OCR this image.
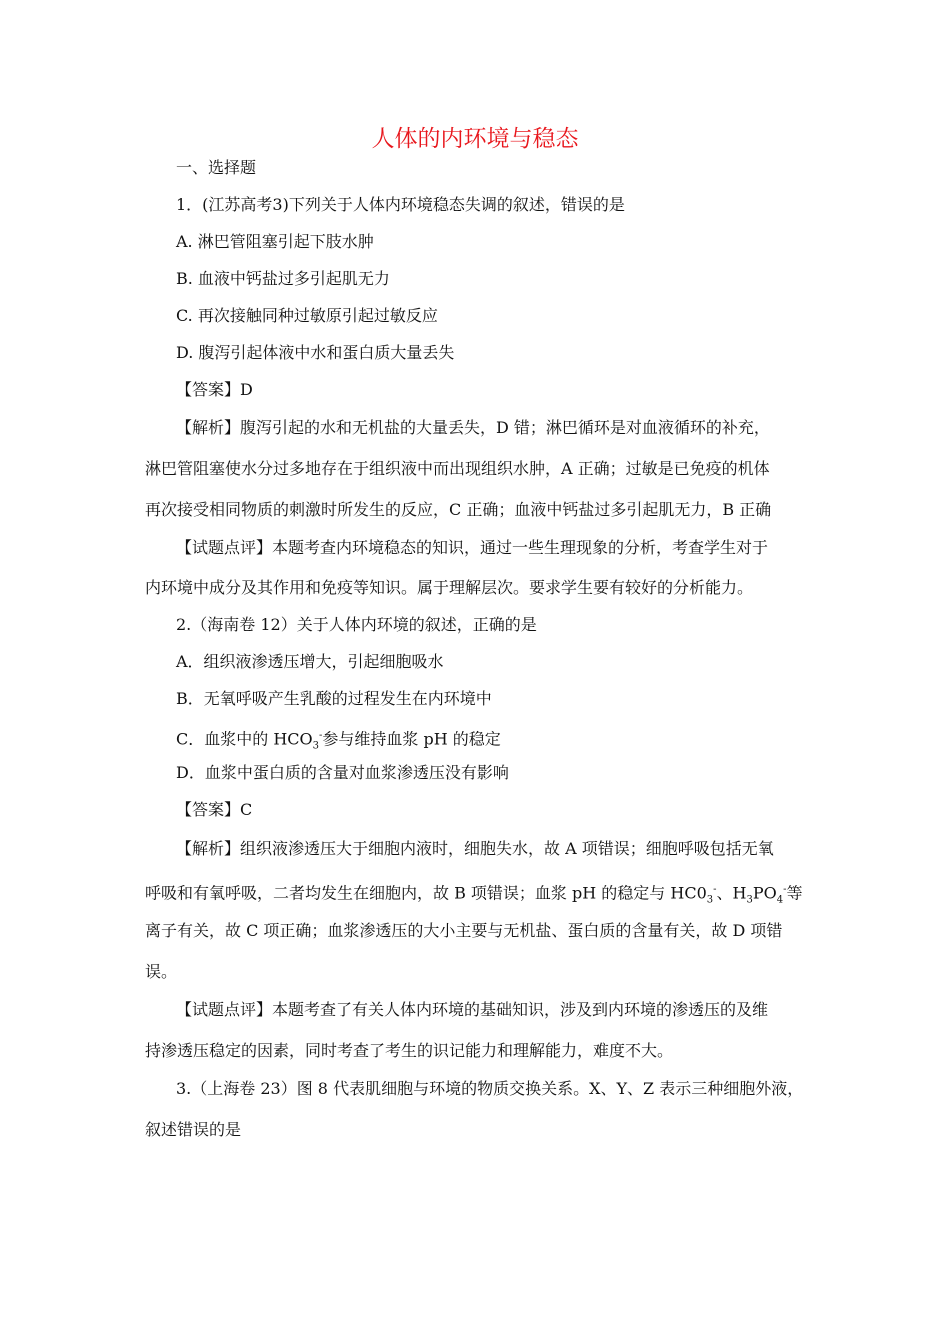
人体的内环境与稳态
一、选择题
1．(江苏高考3)下列关于人体内环境稳态失调的叙述，错误的是
A. 淋巴管阻塞引起下肢水肿
B. 血液中钙盐过多引起肌无力
C. 再次接触同种过敏原引起过敏反应
D. 腹泻引起体液中水和蛋白质大量丢失
【答案】D
【解析】腹泻引起的水和无机盐的大量丢失，D 错；淋巴循环是对血液循环的补充，
淋巴管阻塞使水分过多地存在于组织液中而出现组织水肿，A 正确；过敏是已免疫的机体
再次接受相同物质的刺激时所发生的反应，C 正确；血液中钙盐过多引起肌无力，B 正确
【试题点评】本题考查内环境稳态的知识，通过一些生理现象的分析，考查学生对于
内环境中成分及其作用和免疫等知识。属于理解层次。要求学生要有较好的分析能力。
2.（海南卷 12）关于人体内环境的叙述，正确的是
A．组织液渗透压增大，引起细胞吸水
B．无氧呼吸产生乳酸的过程发生在内环境中
C．血浆中的 $HCO_3^-$参与维持血浆 pH 的稳定
D．血浆中蛋白质的含量对血浆渗透压没有影响
【答案】C
【解析】组织液渗透压大于细胞内液时，细胞失水，故 A 项错误；细胞呼吸包括无氧
呼吸和有氧呼吸，二者均发生在细胞内，故 B 项错误；血浆 pH 的稳定与 $HC0_3^-$、$H_3PO_4^-$等
离子有关，故 C 项正确；血浆渗透压的大小主要与无机盐、蛋白质的含量有关，故 D 项错
误。
【试题点评】本题考查了有关人体内环境的基础知识，涉及到内环境的渗透压的及维
持渗透压稳定的因素，同时考查了考生的识记能力和理解能力，难度不大。
3.（上海卷 23）图 8 代表肌细胞与环境的物质交换关系。X、Y、Z 表示三种细胞外液，
叙述错误的是
